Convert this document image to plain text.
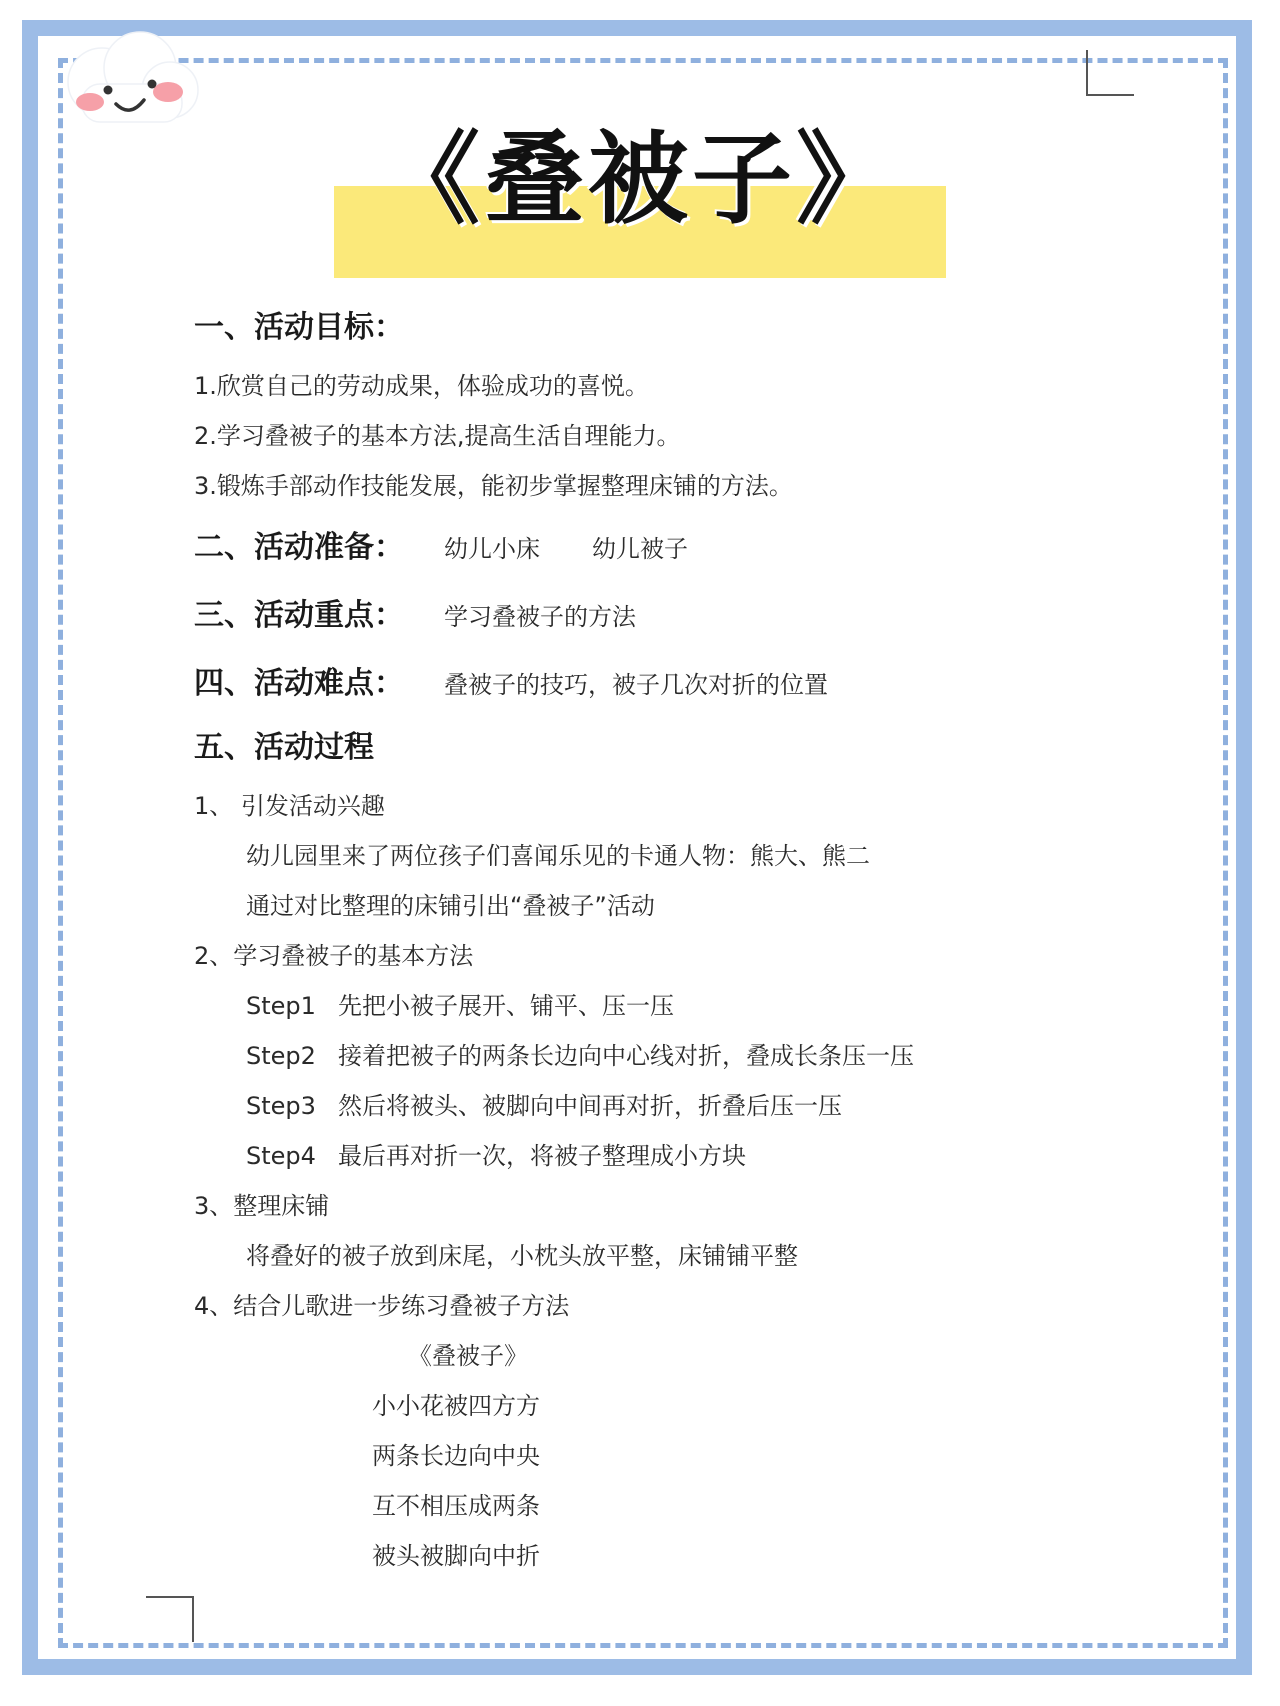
《叠被子》
一、活动目标：
1.欣赏自己的劳动成果，体验成功的喜悦。
2.学习叠被子的基本方法,提高生活自理能力。
3.锻炼手部动作技能发展，能初步掌握整理床铺的方法。
二、活动准备： 幼儿小床 幼儿被子
三、活动重点： 学习叠被子的方法
四、活动难点： 叠被子的技巧，被子几次对折的位置
五、活动过程
1、 引发活动兴趣
幼儿园里来了两位孩子们喜闻乐见的卡通人物：熊大、熊二
通过对比整理的床铺引出“叠被子”活动
2、学习叠被子的基本方法
Step1 先把小被子展开、铺平、压一压
Step2 接着把被子的两条长边向中心线对折，叠成长条压一压
Step3 然后将被头、被脚向中间再对折，折叠后压一压
Step4 最后再对折一次，将被子整理成小方块
3、整理床铺
将叠好的被子放到床尾，小枕头放平整，床铺铺平整
4、结合儿歌进一步练习叠被子方法
《叠被子》
小小花被四方方
两条长边向中央
互不相压成两条
被头被脚向中折
